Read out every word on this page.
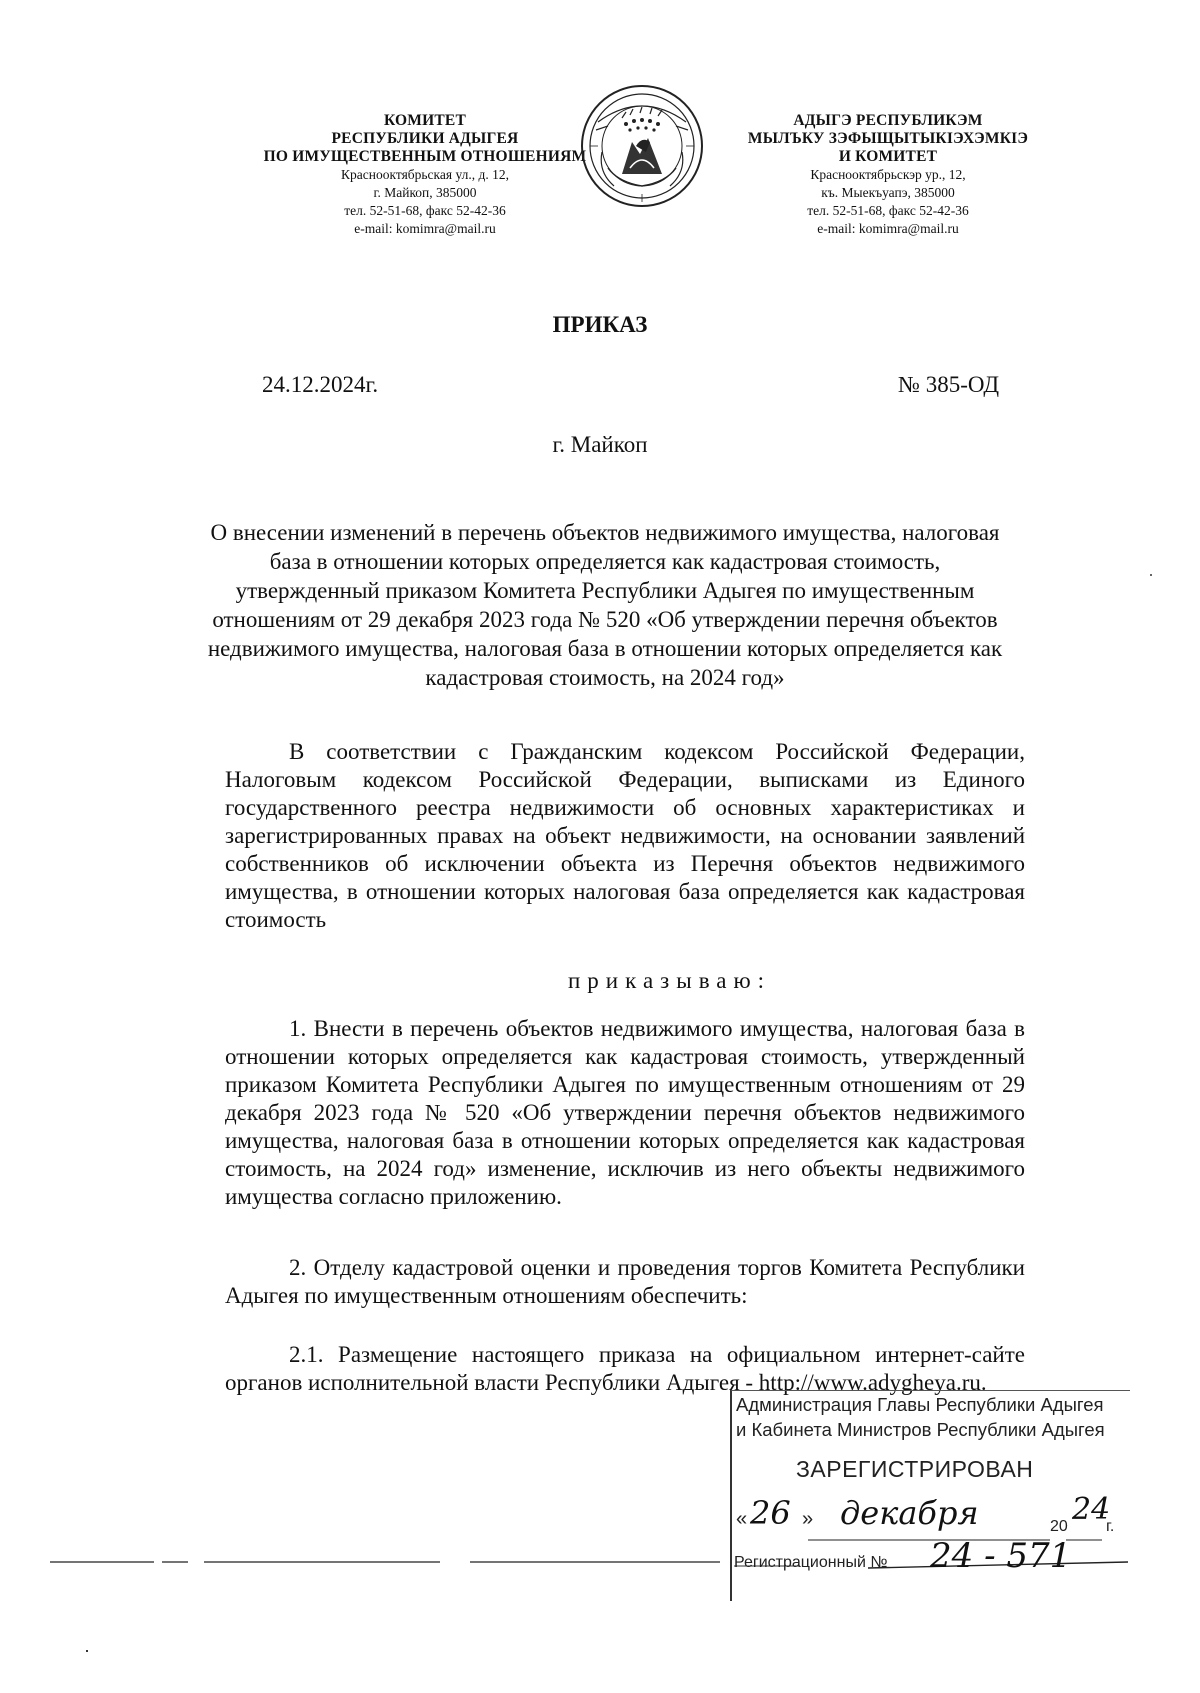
КОМИТЕТ
РЕСПУБЛИКИ АДЫГЕЯ
ПО ИМУЩЕСТВЕННЫМ ОТНОШЕНИЯМ
Краснооктябрьская ул., д. 12,
г. Майкоп, 385000
тел. 52-51-68, факс 52-42-36
e-mail: komimra@mail.ru
АДЫГЭ РЕСПУБЛИКЭМ
МЫЛЪКУ ЗЭФЫЩЫТЫКIЭХЭМКIЭ
И КОМИТЕТ
Краснооктябрьскэр ур., 12,
къ. Мыекъуапэ, 385000
тел. 52-51-68, факс 52-42-36
e-mail: komimra@mail.ru
ПРИКАЗ
24.12.2024г.	№ 385-ОД
г. Майкоп
О внесении изменений в перечень объектов недвижимого имущества, налоговая база в отношении которых определяется как кадастровая стоимость, утвержденный приказом Комитета Республики Адыгея по имущественным отношениям от 29 декабря 2023 года № 520 «Об утверждении перечня объектов недвижимого имущества, налоговая база в отношении которых определяется как кадастровая стоимость, на 2024 год»
В соответствии с Гражданским кодексом Российской Федерации, Налоговым кодексом Российской Федерации, выписками из Единого государственного реестра недвижимости об основных характеристиках и зарегистрированных правах на объект недвижимости, на основании заявлений собственников об исключении объекта из Перечня объектов недвижимого имущества, в отношении которых налоговая база определяется как кадастровая стоимость
приказываю:
1. Внести в перечень объектов недвижимого имущества, налоговая база в отношении которых определяется как кадастровая стоимость, утвержденный приказом Комитета Республики Адыгея по имущественным отношениям от 29 декабря 2023 года № 520 «Об утверждении перечня объектов недвижимого имущества, налоговая база в отношении которых определяется как кадастровая стоимость, на 2024 год» изменение, исключив из него объекты недвижимого имущества согласно приложению.
2. Отделу кадастровой оценки и проведения торгов Комитета Республики Адыгея по имущественным отношениям обеспечить:
2.1. Размещение настоящего приказа на официальном интернет-сайте органов исполнительной власти Республики Адыгея - http://www.adygheya.ru.
Администрация Главы Республики Адыгея
и Кабинета Министров Республики Адыгея
ЗАРЕГИСТРИРОВАН
« 26 » декабря	20 24
г.
Регистрационный № 24 - 571
